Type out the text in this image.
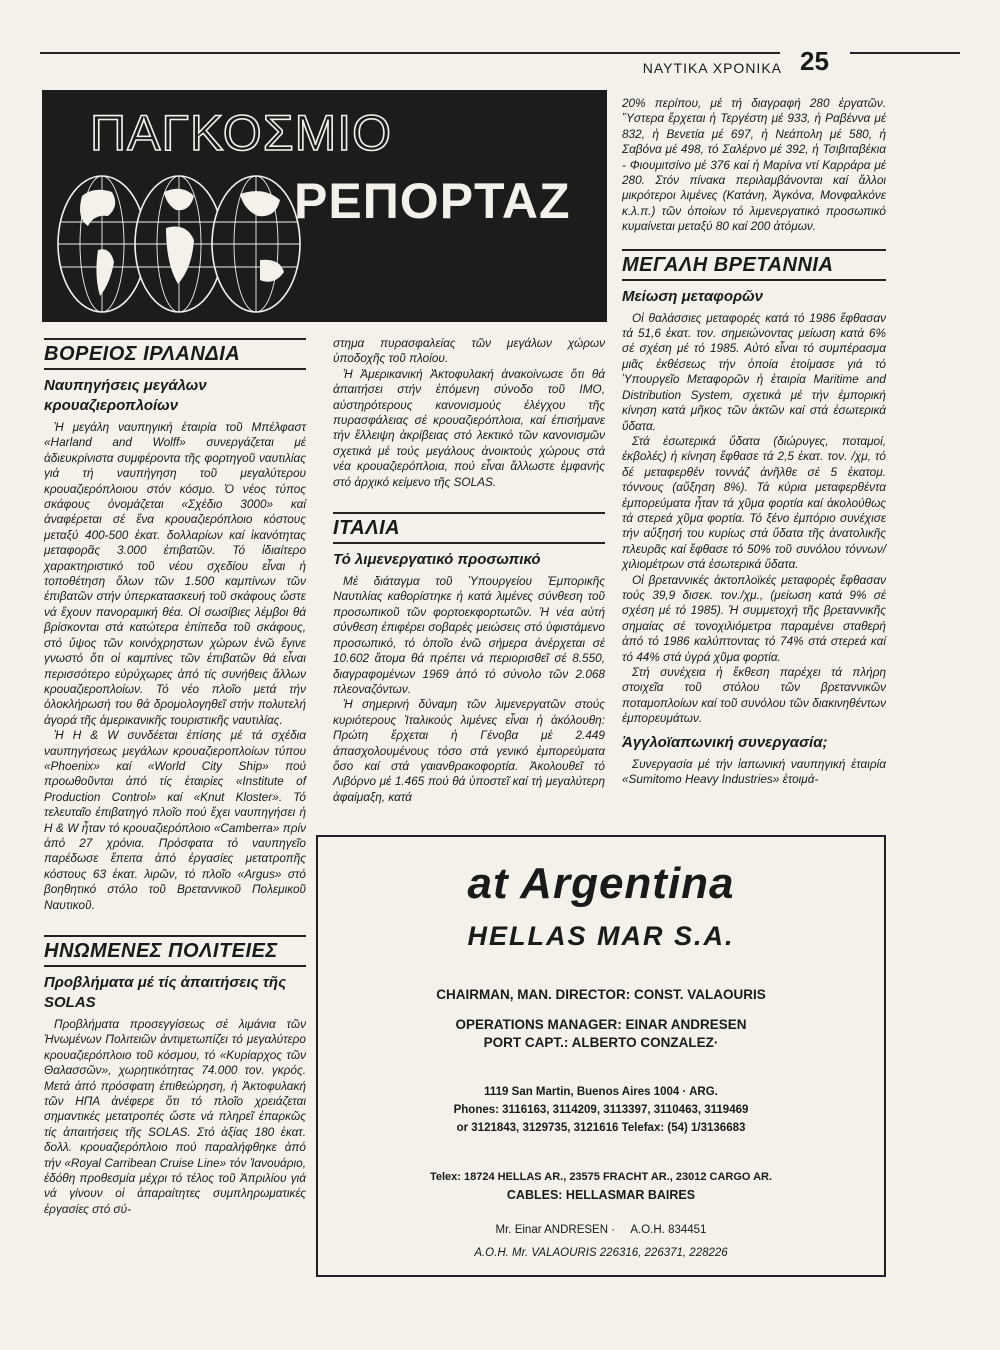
ΝΑΥΤΙΚΑ ΧΡΟΝΙΚΑ 25
ΠΑΓΚΟΣΜΙΟ
ΡΕΠΟΡΤΑΖ
ΒΟΡΕΙΟΣ ΙΡΛΑΝΔΙΑ
Ναυπηγήσεις μεγάλων κρουαζιεροπλοίων

Ἡ μεγάλη ναυπηγική ἑταιρία τοῦ Μπέλφαστ «Harland and Wolff» συνεργάζεται μέ ἀδιευκρίνιστα συμφέροντα τῆς φορτηγοῦ ναυτιλίας γιά τή ναυπήγηση τοῦ μεγαλύτερου κρουαζιερόπλοιου στόν κόσμο. Ὁ νέος τύπος σκάφους ὀνομάζεται «Σχέδιο 3000» καί ἀναφέρεται σέ ἕνα κρουαζιερόπλοιο κόστους μεταξύ 400-500 ἑκατ. δολλαρίων καί ἱκανότητας μεταφορᾶς 3.000 ἐπιβατῶν. Τό ἰδιαίτερο χαρακτηριστικό τοῦ νέου σχεδίου εἶναι ἡ τοποθέτηση ὅλων τῶν 1.500 καμπίνων τῶν ἐπιβατῶν στήν ὑπερκατασκευή τοῦ σκάφους ὥστε νά ἔχουν πανοραμική θέα. Οἱ σωσίβιες λέμβοι θά βρίσκονται στά κατώτερα ἐπίπεδα τοῦ σκάφους, στό ὕψος τῶν κοινόχρηστων χώρων ἐνῶ ἔγινε γνωστό ὅτι οἱ καμπίνες τῶν ἐπιβατῶν θά εἶναι περισσότερο εὐρύχωρες ἀπό τίς συνήθεις ἄλλων κρουαζιεροπλοίων. Τό νέο πλοῖο μετά τήν ὁλοκλήρωσή του θά δρομολογηθεῖ στήν πολυτελή ἀγορά τῆς ἀμερικανικῆς τουριστικῆς ναυτιλίας.

Ἡ H & W συνδέεται ἐπίσης μέ τά σχέδια ναυπηγήσεως μεγάλων κρουαζιεροπλοίων τύπου «Phoenix» καί «World City Ship» πού προωθοῦνται ἀπό τίς ἑταιρίες «Institute of Production Control» καί «Knut Kloster». Τό τελευταῖο ἐπιβατηγό πλοῖο πού ἔχει ναυπηγήσει ἡ H & W ἦταν τό κρουαζιερόπλοιο «Camberra» πρίν ἀπό 27 χρόνια. Πρόσφατα τό ναυπηγεῖο παρέδωσε ἔπειτα ἀπό ἐργασίες μετατροπῆς κόστους 63 ἑκατ. λιρῶν, τό πλοῖο «Argus» στό βοηθητικό στόλο τοῦ Βρεταννικοῦ Πολεμικοῦ Ναυτικοῦ.

ΗΝΩΜΕΝΕΣ ΠΟΛΙΤΕΙΕΣ
Προβλήματα μέ τίς ἀπαιτήσεις τῆς SOLAS

Προβλήματα προσεγγίσεως σέ λιμάνια τῶν Ἡνωμένων Πολιτειῶν ἀντιμετωπίζει τό μεγαλύτερο κρουαζιερόπλοιο τοῦ κόσμου, τό «Κυρίαρχος τῶν Θαλασσῶν», χωρητικότητας 74.000 τον. γκρός. Μετά ἀπό πρόσφατη ἐπιθεώρηση, ἡ Ἀκτοφυλακή τῶν ΗΠΑ ἀνέφερε ὅτι τό πλοῖο χρειάζεται σημαντικές μετατροπές ὥστε νά πληρεῖ ἐπαρκῶς τίς ἀπαιτήσεις τῆς SOLAS. Στό ἀξίας 180 ἑκατ. δολλ. κρουαζιερόπλοιο πού παραλήφθηκε ἀπό τήν «Royal Carribean Cruise Line» τόν Ἰανουάριο, ἐδόθη προθεσμία μέχρι τό τέλος τοῦ Ἀπριλίου γιά νά γίνουν οἱ ἀπαραίτητες συμπληρωματικές ἐργασίες στό σύ-

στημα πυρασφαλείας τῶν μεγάλων χώρων ὑποδοχῆς τοῦ πλοίου.

Ἡ Ἀμερικανική Ἀκτοφυλακή ἀνακοίνωσε ὅτι θά ἀπαιτήσει στήν ἑπόμενη σύνοδο τοῦ IMO, αὐστηρότερους κανονισμούς ἐλέγχου τῆς πυρασφάλειας σέ κρουαζιερόπλοια, καί ἐπισήμανε τήν ἔλλειψη ἀκρίβειας στό λεκτικό τῶν κανονισμῶν σχετικά μέ τούς μεγάλους ἀνοικτούς χώρους στά νέα κρουαζιερόπλοια, πού εἶναι ἄλλωστε ἐμφανής στό ἀρχικό κείμενο τῆς SOLAS.

ΙΤΑΛΙΑ
Τό λιμενεργατικό προσωπικό

Μέ διάταγμα τοῦ Ὑπουργείου Ἐμπορικῆς Ναυτιλίας καθορίστηκε ἡ κατά λιμένες σύνθεση τοῦ προσωπικοῦ τῶν φορτοεκφορτωτῶν. Ἡ νέα αὐτή σύνθεση ἐπιφέρει σοβαρές μειώσεις στό ὑφιστάμενο προσωπικό, τό ὁποῖο ἐνῶ σήμερα ἀνέρχεται σέ 10.602 ἄτομα θά πρέπει νά περιορισθεῖ σέ 8.550, διαγραφομένων 1969 ἀπό τό σύνολο τῶν 2.068 πλεοναζόντων.

Ἡ σημερινή δύναμη τῶν λιμενεργατῶν στούς κυριότερους Ἰταλικούς λιμένες εἶναι ἡ ἀκόλουθη: Πρώτη ἔρχεται ἡ Γένοβα μέ 2.449 ἀπασχολουμένους τόσο στά γενικό ἐμπορεύματα ὅσο καί στά γαιανθρακοφορτία. Ἀκολουθεῖ τό Λιβόρνο μέ 1.465 πού θά ὑποστεῖ καί τή μεγαλύτερη ἀφαίμαξη, κατά

20% περίπου, μέ τή διαγραφή 280 ἐργατῶν. Ὕστερα ἔρχεται ἡ Τεργέστη μέ 933, ἡ Ραβέννα μέ 832, ἡ Βενετία μέ 697, ἡ Νεάπολη μέ 580, ἡ Σαβόνα μέ 498, τό Σαλέρνο μέ 392, ἡ Τσιβιταβέκια - Φιουμιτσίνο μέ 376 καί ἡ Μαρίνα ντί Καρράρα μέ 280. Στόν πίνακα περιλαμβάνονται καί ἄλλοι μικρότεροι λιμένες (Κατάνη, Ἀγκόνα, Μονφαλκόνε κ.λ.π.) τῶν ὁποίων τό λιμενεργατικό προσωπικό κυμαίνεται μεταξύ 80 καί 200 ἀτόμων.

ΜΕΓΑΛΗ ΒΡΕΤΑΝΝΙΑ
Μείωση μεταφορῶν

Οἱ θαλάσσιες μεταφορές κατά τό 1986 ἔφθασαν τά 51,6 ἑκατ. τον. σημειώνοντας μείωση κατά 6% σέ σχέση μέ τό 1985. Αὐτό εἶναι τό συμπέρασμα μιᾶς ἐκθέσεως τήν ὁποία ἑτοίμασε γιά τό Ὑπουργεῖο Μεταφορῶν ἡ ἑταιρία Maritime and Distribution System, σχετικά μέ τήν ἐμπορική κίνηση κατά μῆκος τῶν ἀκτῶν καί στά ἐσωτερικά ὕδατα.

Στά ἐσωτερικά ὕδατα (διώρυγες, ποταμοί, ἐκβολές) ἡ κίνηση ἔφθασε τά 2,5 ἑκατ. τον. /χμ, τό δέ μεταφερθέν τοννάζ ἀνῆλθε σέ 5 ἑκατομ. τόννους (αὔξηση 8%). Τά κύρια μεταφερθέντα ἐμπορεύματα ἦταν τά χῦμα φορτία καί ἀκολούθως τά στερεά χῦμα φορτία. Τό ξένο ἐμπόριο συνέχισε τήν αὔξησή του κυρίως στά ὕδατα τῆς ἀνατολικῆς πλευρᾶς καί ἔφθασε τό 50% τοῦ συνόλου τόννων/ χιλιομέτρων στά ἐσωτερικά ὕδατα.

Οἱ βρεταννικές ἀκτοπλοϊκές μεταφορές ἔφθασαν τούς 39,9 δισεκ. τον./χμ., (μείωση κατά 9% σέ σχέση μέ τό 1985). Ἡ συμμετοχή τῆς βρεταννικῆς σημαίας σέ τονοχιλιόμετρα παραμένει σταθερή ἀπό τό 1986 καλύπτοντας τό 74% στά στερεά καί τό 44% στά ὑγρά χῦμα φορτία.

Στή συνέχεια ἡ ἔκθεση παρέχει τά πλήρη στοιχεῖα τοῦ στόλου τῶν βρεταννικῶν ποταμοπλοίων καί τοῦ συνόλου τῶν διακινηθέντων ἐμπορευμάτων.

Ἀγγλοϊαπωνική συνεργασία;

Συνεργασία μέ τήν ἰαπωνική ναυπηγική ἑταιρία «Sumitomo Heavy Industries» ἑτοιμά-

at Argentina
HELLAS MAR S.A.
CHAIRMAN, MAN. DIRECTOR: CONST. VALAOURIS
OPERATIONS MANAGER: EINAR ANDRESEN
PORT CAPT.: ALBERTO CONZALEZ·
1119 San Martin, Buenos Aires 1004 · ARG.
Phones: 3116163, 3114209, 3113397, 3110463, 3119469
or 3121843, 3129735, 3121616 Telefax: (54) 1/3136683
Telex: 18724 HELLAS AR., 23575 FRACHT AR., 23012 CARGO AR.
CABLES: HELLASMAR BAIRES
Mr. Einar ANDRESEN ·     A.O.H. 834451
A.O.H. Mr. VALAOURIS 226316, 226371, 228226
